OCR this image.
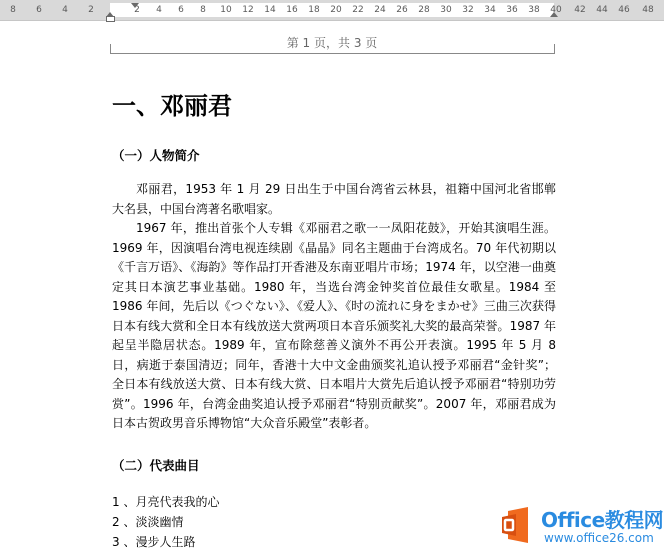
8 6 4 2	2 4 6 8 10 12 14 16 18 20 22 24 26 28 30 32 34 36 38 40 42 44 46 48
第 1 页，共 3 页
一、邓丽君
（一）人物简介

邓丽君，1953 年 1 月 29 日出生于中国台湾省云林县，祖籍中国河北省邯郸大名县，中国台湾著名歌唱家。

1967 年，推出首张个人专辑《邓丽君之歌一一凤阳花鼓》，开始其演唱生涯。1969 年，因演唱台湾电视连续剧《晶晶》同名主题曲于台湾成名。70 年代初期以《千言万语》、《海韵》等作品打开香港及东南亚唱片市场；1974 年，以空港一曲奠定其日本演艺事业基础。1980 年，当选台湾金钟奖首位最佳女歌星。1984 至 1986 年间，先后以《つぐない》、《爱人》、《时の流れに身をまかせ》三曲三次获得日本有线大赏和全日本有线放送大赏两项日本音乐颁奖礼大奖的最高荣誉。1987 年起呈半隐居状态。1989 年，宣布除慈善义演外不再公开表演。1995 年 5 月 8 日，病逝于泰国清迈；同年，香港十大中文金曲颁奖礼追认授予邓丽君“金针奖”；全日本有线放送大赏、日本有线大赏、日本唱片大赏先后追认授予邓丽君“特别功劳赏”。1996 年，台湾金曲奖追认授予邓丽君“特别贡献奖”。2007 年，邓丽君成为日本古贺政男音乐博物馆“大众音乐殿堂”表彰者。

（二）代表曲目

1 、月亮代表我的心

2 、淡淡幽情

3 、漫步人生路

Office教程网
www.office26.com
